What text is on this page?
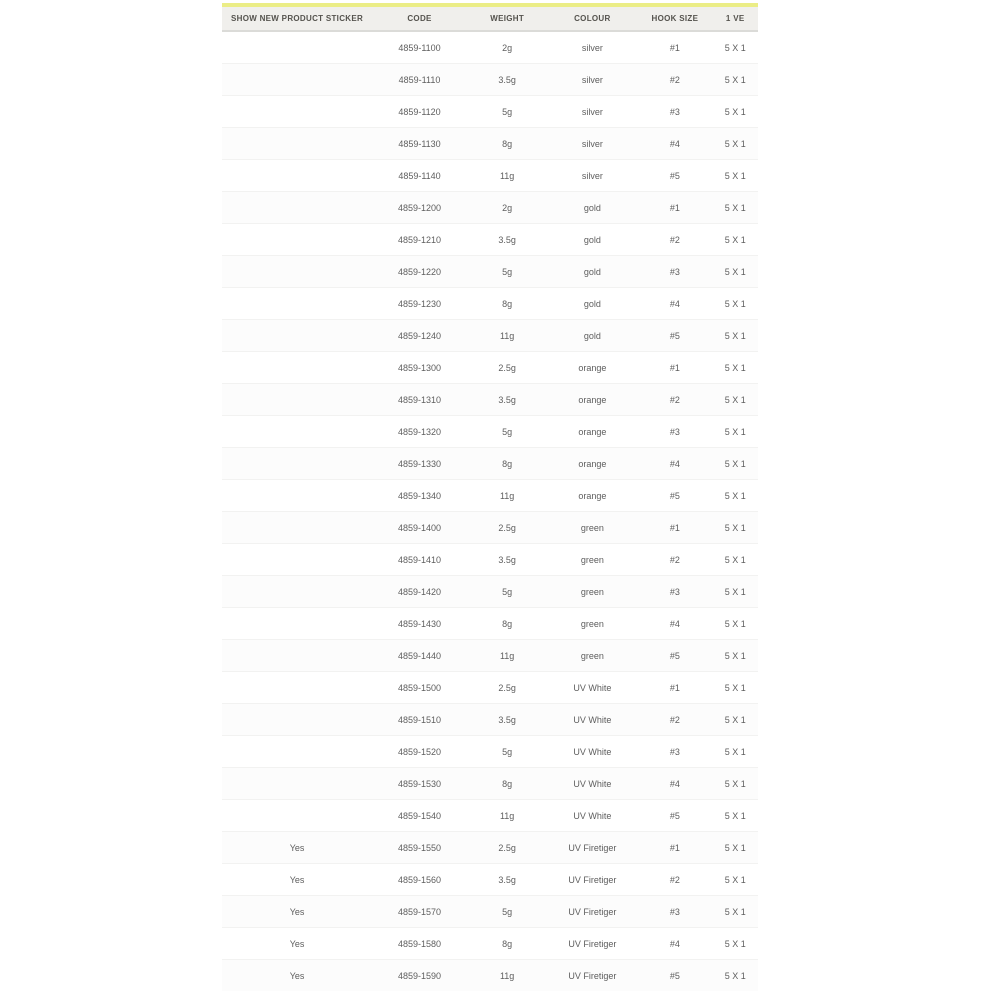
SHOW NEW PRODUCT STICKER	CODE	WEIGHT	COLOUR	HOOK SIZE	1 VE
	4859-1100	2g	silver	#1	5 X 1
	4859-1110	3.5g	silver	#2	5 X 1
	4859-1120	5g	silver	#3	5 X 1
	4859-1130	8g	silver	#4	5 X 1
	4859-1140	11g	silver	#5	5 X 1
	4859-1200	2g	gold	#1	5 X 1
	4859-1210	3.5g	gold	#2	5 X 1
	4859-1220	5g	gold	#3	5 X 1
	4859-1230	8g	gold	#4	5 X 1
	4859-1240	11g	gold	#5	5 X 1
	4859-1300	2.5g	orange	#1	5 X 1
	4859-1310	3.5g	orange	#2	5 X 1
	4859-1320	5g	orange	#3	5 X 1
	4859-1330	8g	orange	#4	5 X 1
	4859-1340	11g	orange	#5	5 X 1
	4859-1400	2.5g	green	#1	5 X 1
	4859-1410	3.5g	green	#2	5 X 1
	4859-1420	5g	green	#3	5 X 1
	4859-1430	8g	green	#4	5 X 1
	4859-1440	11g	green	#5	5 X 1
	4859-1500	2.5g	UV White	#1	5 X 1
	4859-1510	3.5g	UV White	#2	5 X 1
	4859-1520	5g	UV White	#3	5 X 1
	4859-1530	8g	UV White	#4	5 X 1
	4859-1540	11g	UV White	#5	5 X 1
Yes	4859-1550	2.5g	UV Firetiger	#1	5 X 1
Yes	4859-1560	3.5g	UV Firetiger	#2	5 X 1
Yes	4859-1570	5g	UV Firetiger	#3	5 X 1
Yes	4859-1580	8g	UV Firetiger	#4	5 X 1
Yes	4859-1590	11g	UV Firetiger	#5	5 X 1
